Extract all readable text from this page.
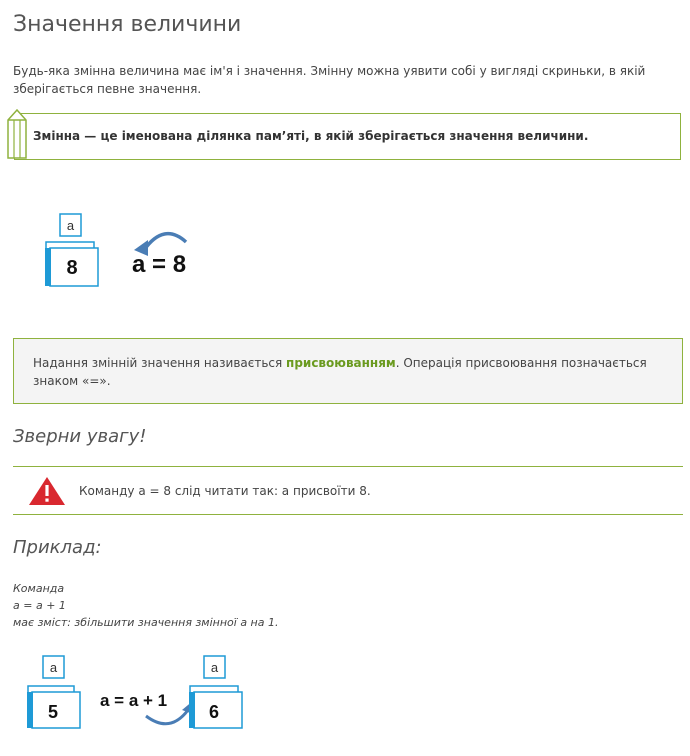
Значення величини

Будь-яка змінна величина має ім'я і значення. Змінну можна уявити собі у вигляді скриньки, в якій зберігається певне значення.

Змінна — це іменована ділянка пам’яті, в якій зберігається значення величини.
a
8 a = 8
Надання змінній значення називається присвоюванням. Операція присвоювання позначається знаком «=».
Зверни увагу!
Команду a = 8 слід читати так: a присвоїти 8.
Приклад:
Команда
a = a + 1
має зміст: збільшити значення змінної a на 1.
a
5
a = a + 1
a
6
